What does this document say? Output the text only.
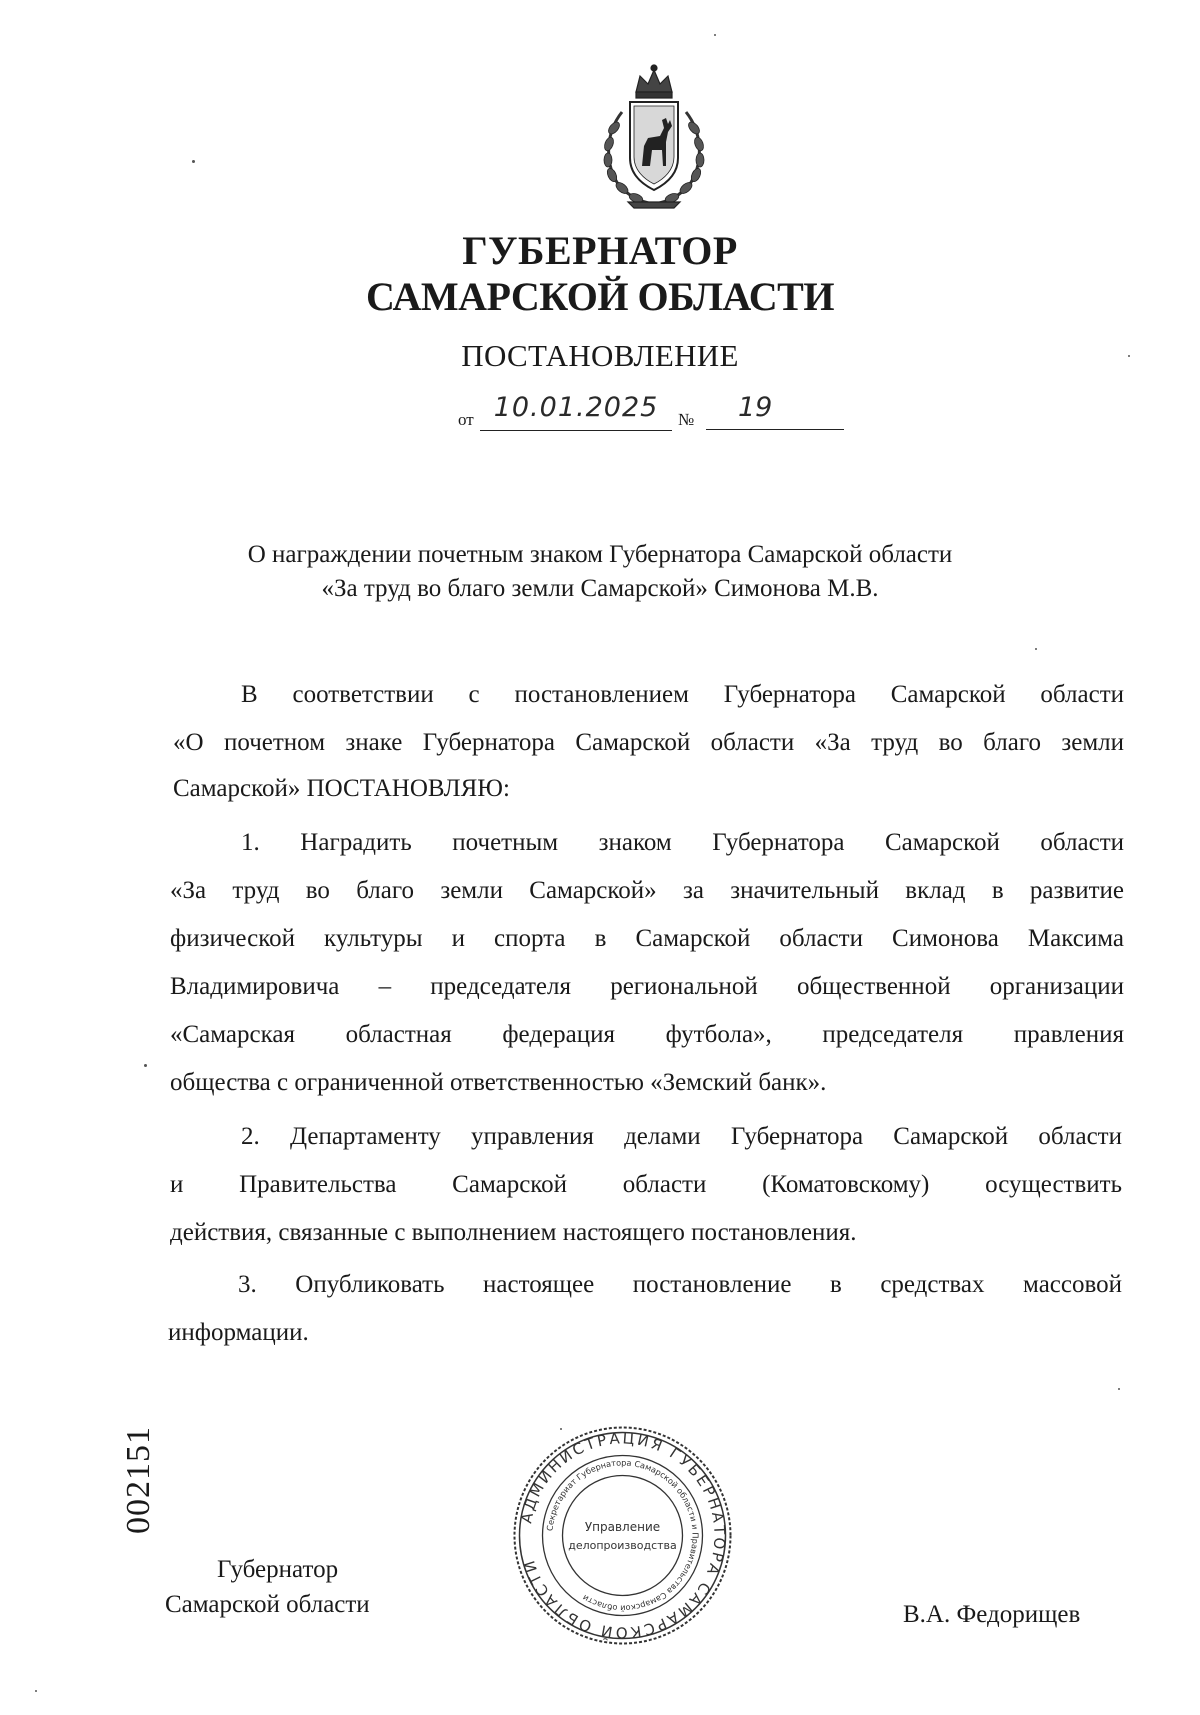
ГУБЕРНАТОР
САМАРСКОЙ ОБЛАСТИ
ПОСТАНОВЛЕНИЕ
от 10.01.2025	№	19
О награждении почетным знаком Губернатора Самарской области
«За труд во благо земли Самарской» Симонова М.В.
В соответствии с постановлением Губернатора Самарской области
«О почетном знаке Губернатора Самарской области «За труд во благо земли
Самарской» ПОСТАНОВЛЯЮ:
1. Наградить почетным знаком Губернатора Самарской области
«За труд во благо земли Самарской» за значительный вклад в развитие
физической культуры и спорта в Самарской области Симонова Максима
Владимировича – председателя региональной общественной организации
«Самарская областная федерация футбола», председателя правления
общества с ограниченной ответственностью «Земский банк».
2. Департаменту управления делами Губернатора Самарской области
и Правительства Самарской области (Коматовскому) осуществить
действия, связанные с выполнением настоящего постановления.
3. Опубликовать настоящее постановление в средствах массовой
информации.
002151
Губернатор
Самарской области	В.А. Федорищев
АДМИНИСТРАЦИЯ ГУБЕРНАТОРА САМАРСКОЙ ОБЛАСТИ
Секретариат Губернатора Самарской области и Правительства Самарской области
Управление
делопроизводства
